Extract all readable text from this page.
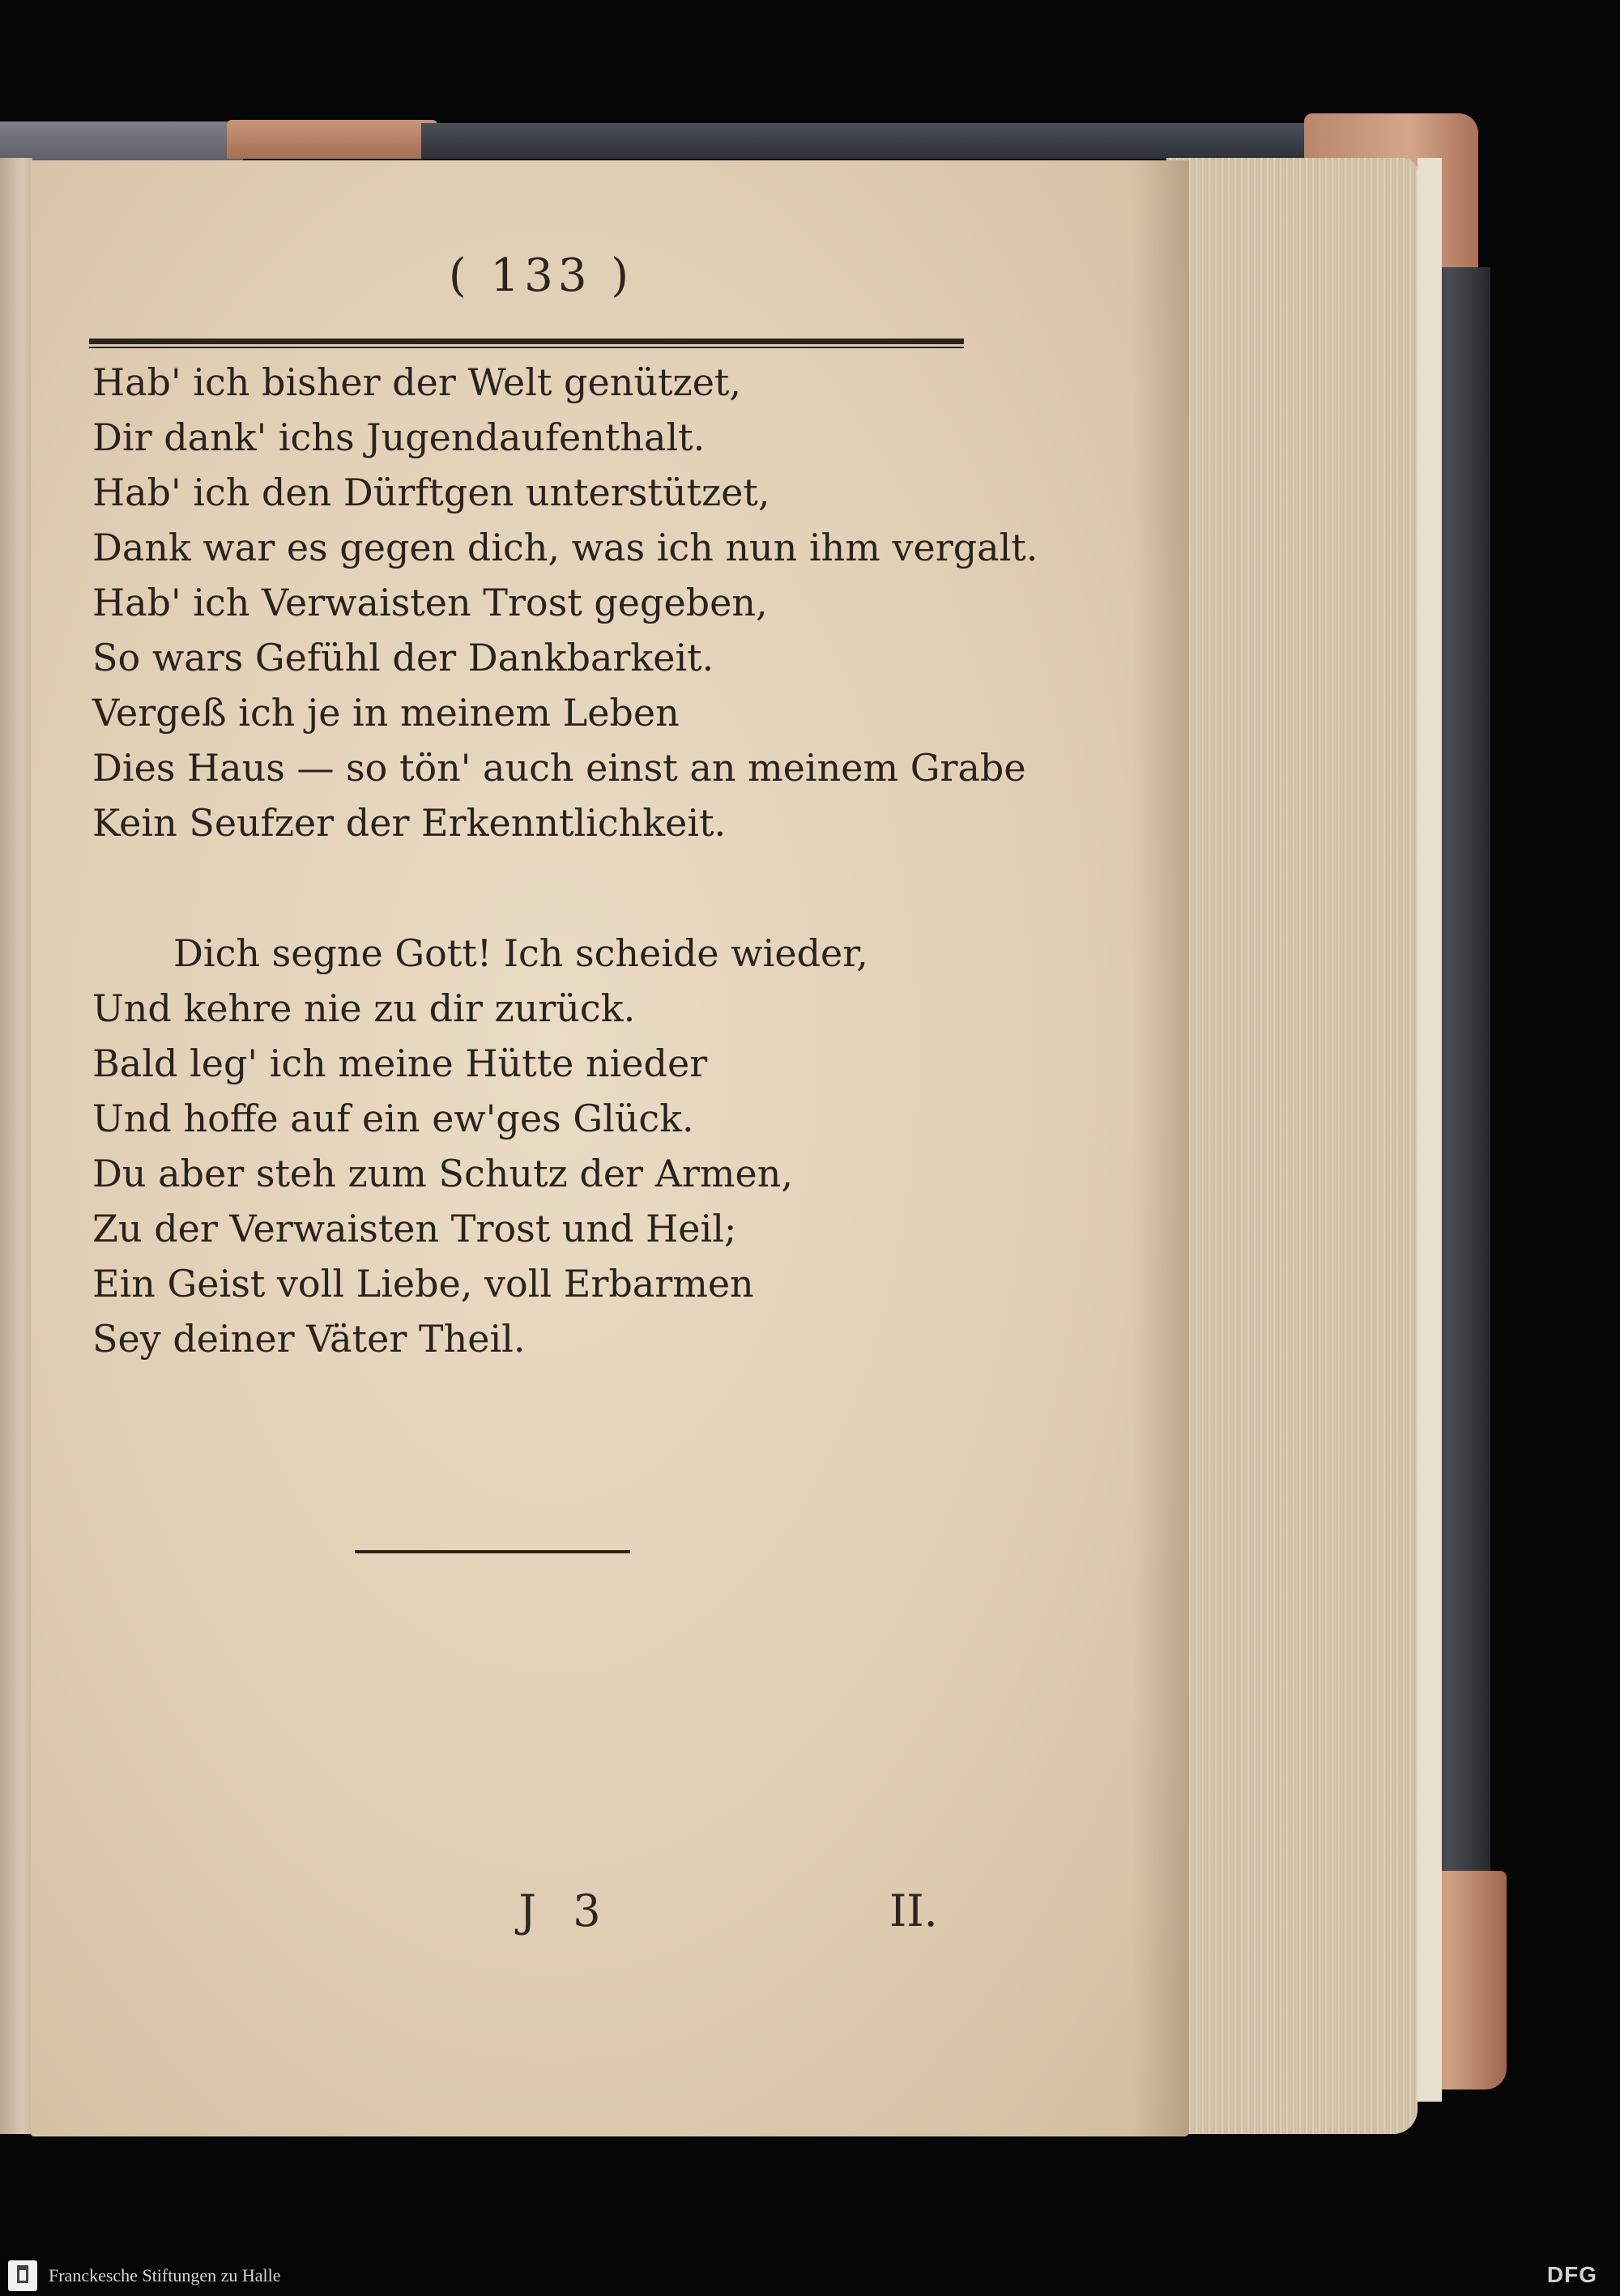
( 133 )
Hab' ich bisher der Welt genützet,
Dir dank' ichs Jugendaufenthalt.
Hab' ich den Dürftgen unterstützet,
Dank war es gegen dich, was ich nun ihm vergalt.
Hab' ich Verwaisten Trost gegeben,
So wars Gefühl der Dankbarkeit.
Vergeß ich je in meinem Leben
Dies Haus — so tön' auch einst an meinem Grabe
Kein Seufzer der Erkenntlichkeit.
Dich segne Gott! Ich scheide wieder,
Und kehre nie zu dir zurück.
Bald leg' ich meine Hütte nieder
Und hoffe auf ein ew'ges Glück.
Du aber steh zum Schutz der Armen,
Zu der Verwaisten Trost und Heil;
Ein Geist voll Liebe, voll Erbarmen
Sey deiner Väter Theil.
J 3	II.
Franckesche Stiftungen zu Halle	DFG
